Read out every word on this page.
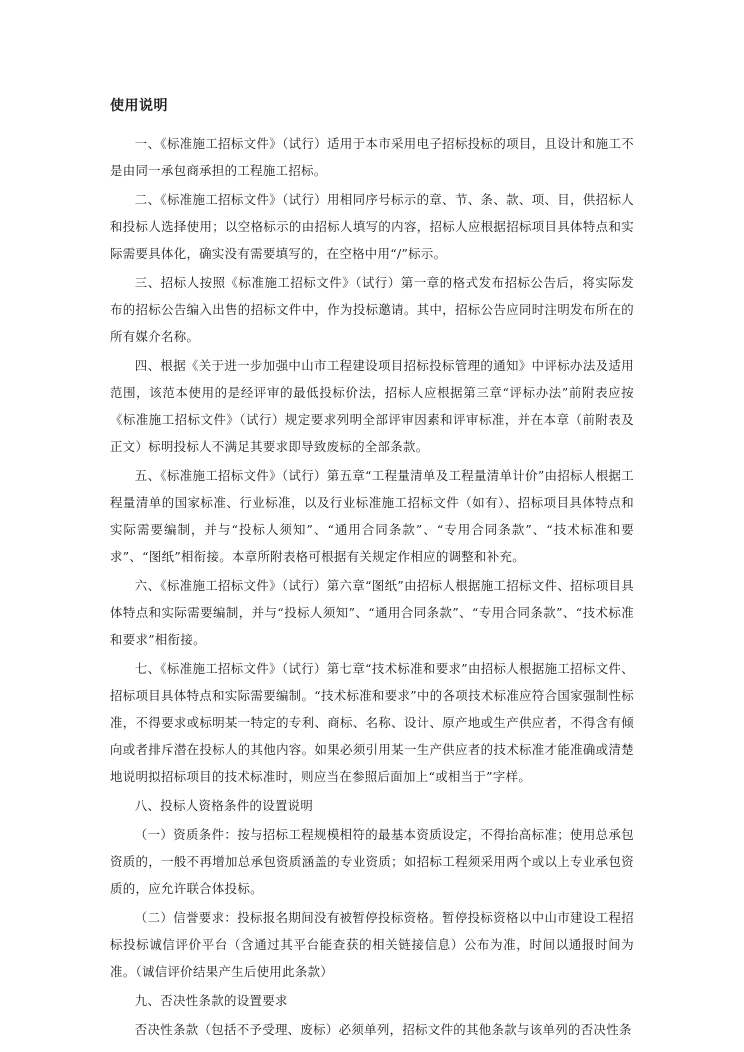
使用说明

一、《标准施工招标文件》（试行）适用于本市采用电子招标投标的项目，且设计和施工不是由同一承包商承担的工程施工招标。

二、《标准施工招标文件》（试行）用相同序号标示的章、节、条、款、项、目，供招标人和投标人选择使用；以空格标示的由招标人填写的内容，招标人应根据招标项目具体特点和实际需要具体化，确实没有需要填写的，在空格中用“/”标示。

三、招标人按照《标准施工招标文件》（试行）第一章的格式发布招标公告后，将实际发布的招标公告编入出售的招标文件中，作为投标邀请。其中，招标公告应同时注明发布所在的所有媒介名称。

四、根据《关于进一步加强中山市工程建设项目招标投标管理的通知》中评标办法及适用范围，该范本使用的是经评审的最低投标价法，招标人应根据第三章“评标办法”前附表应按《标准施工招标文件》（试行）规定要求列明全部评审因素和评审标准，并在本章（前附表及正文）标明投标人不满足其要求即导致废标的全部条款。

五、《标准施工招标文件》（试行）第五章“工程量清单及工程量清单计价”由招标人根据工程量清单的国家标准、行业标准，以及行业标准施工招标文件（如有）、招标项目具体特点和实际需要编制，并与“投标人须知”、“通用合同条款”、“专用合同条款”、“技术标准和要求”、“图纸”相衔接。本章所附表格可根据有关规定作相应的调整和补充。

六、《标准施工招标文件》（试行）第六章“图纸”由招标人根据施工招标文件、招标项目具体特点和实际需要编制，并与“投标人须知”、“通用合同条款”、“专用合同条款”、“技术标准和要求”相衔接。

七、《标准施工招标文件》（试行）第七章“技术标准和要求”由招标人根据施工招标文件、招标项目具体特点和实际需要编制。“技术标准和要求”中的各项技术标准应符合国家强制性标准，不得要求或标明某一特定的专利、商标、名称、设计、原产地或生产供应者，不得含有倾向或者排斥潜在投标人的其他内容。如果必须引用某一生产供应者的技术标准才能准确或清楚地说明拟招标项目的技术标准时，则应当在参照后面加上“或相当于”字样。

八、投标人资格条件的设置说明

（一）资质条件：按与招标工程规模相符的最基本资质设定，不得抬高标准；使用总承包资质的，一般不再增加总承包资质涵盖的专业资质；如招标工程须采用两个或以上专业承包资质的，应允许联合体投标。

（二）信誉要求：投标报名期间没有被暂停投标资格。暂停投标资格以中山市建设工程招标投标诚信评价平台（含通过其平台能查获的相关链接信息）公布为准，时间以通报时间为准。（诚信评价结果产生后使用此条款）

九、否决性条款的设置要求

否决性条款（包括不予受理、废标）必须单列，招标文件的其他条款与该单列的否决性条
